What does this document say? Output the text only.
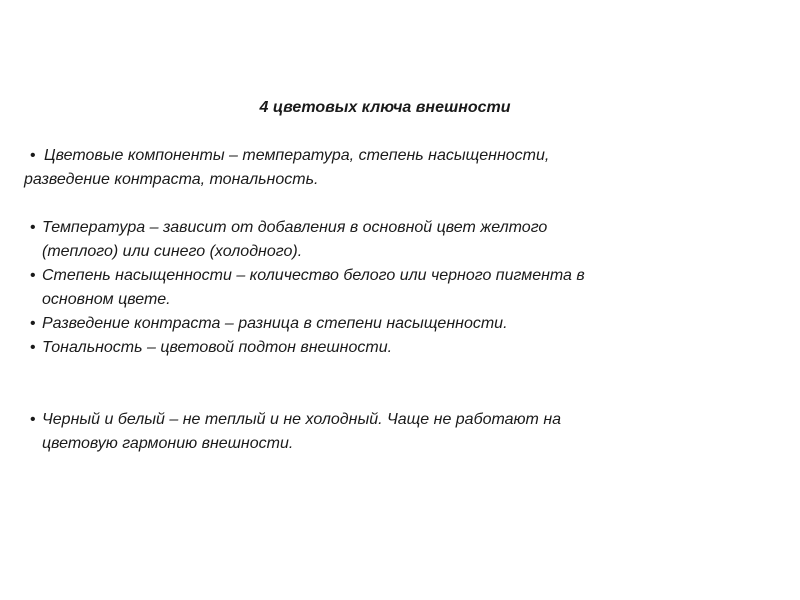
4 цветовых ключа внешности
• Цветовые компоненты – температура, степень насыщенности,
разведение контраста, тональность.
• Температура – зависит от добавления в основной цвет желтого
(теплого) или синего (холодного).
• Степень насыщенности – количество белого или черного пигмента в
основном цвете.
• Разведение контраста – разница в степени насыщенности.
• Тональность – цветовой подтон внешности.
• Черный и белый – не теплый и не холодный. Чаще не работают на
цветовую гармонию внешности.
